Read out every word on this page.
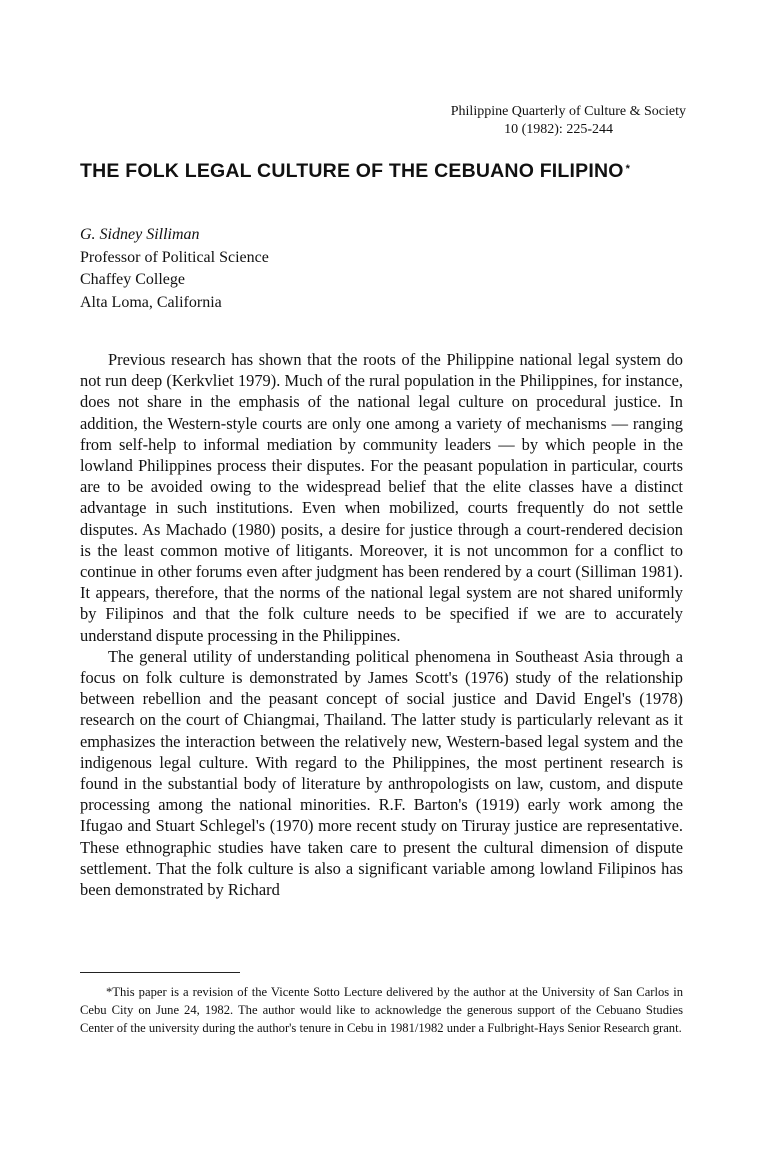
Philippine Quarterly of Culture & Society
10 (1982): 225-244
THE FOLK LEGAL CULTURE OF THE CEBUANO FILIPINO *
G. Sidney Silliman
Professor of Political Science
Chaffey College
Alta Loma, California

Previous research has shown that the roots of the Philippine national legal system do not run deep (Kerkvliet 1979). Much of the rural population in the Philippines, for instance, does not share in the emphasis of the national legal culture on procedural justice. In addition, the Western-style courts are only one among a variety of mechanisms — ranging from self-help to informal mediation by community leaders — by which people in the lowland Philippines process their disputes. For the peasant population in particular, courts are to be avoided owing to the widespread belief that the elite classes have a distinct advantage in such institutions. Even when mobilized, courts frequently do not settle disputes. As Machado (1980) posits, a desire for justice through a court-rendered decision is the least common motive of litigants. Moreover, it is not uncommon for a conflict to continue in other forums even after judgment has been rendered by a court (Silliman 1981). It appears, therefore, that the norms of the national legal system are not shared uniformly by Filipinos and that the folk culture needs to be specified if we are to accurately understand dispute processing in the Philippines.

The general utility of understanding political phenomena in Southeast Asia through a focus on folk culture is demonstrated by James Scott's (1976) study of the relationship between rebellion and the peasant concept of social justice and David Engel's (1978) research on the court of Chiangmai, Thailand. The latter study is particularly relevant as it emphasizes the interaction between the relatively new, Western-based legal system and the indigenous legal culture. With regard to the Philippines, the most pertinent research is found in the substantial body of literature by anthropologists on law, custom, and dispute processing among the national minorities. R.F. Barton's (1919) early work among the Ifugao and Stuart Schlegel's (1970) more recent study on Tiruray justice are representative. These ethnographic studies have taken care to present the cultural dimension of dispute settlement. That the folk culture is also a significant variable among lowland Filipinos has been demonstrated by Richard

*This paper is a revision of the Vicente Sotto Lecture delivered by the author at the University of San Carlos in Cebu City on June 24, 1982. The author would like to acknowledge the generous support of the Cebuano Studies Center of the university during the author's tenure in Cebu in 1981/1982 under a Fulbright-Hays Senior Research grant.
